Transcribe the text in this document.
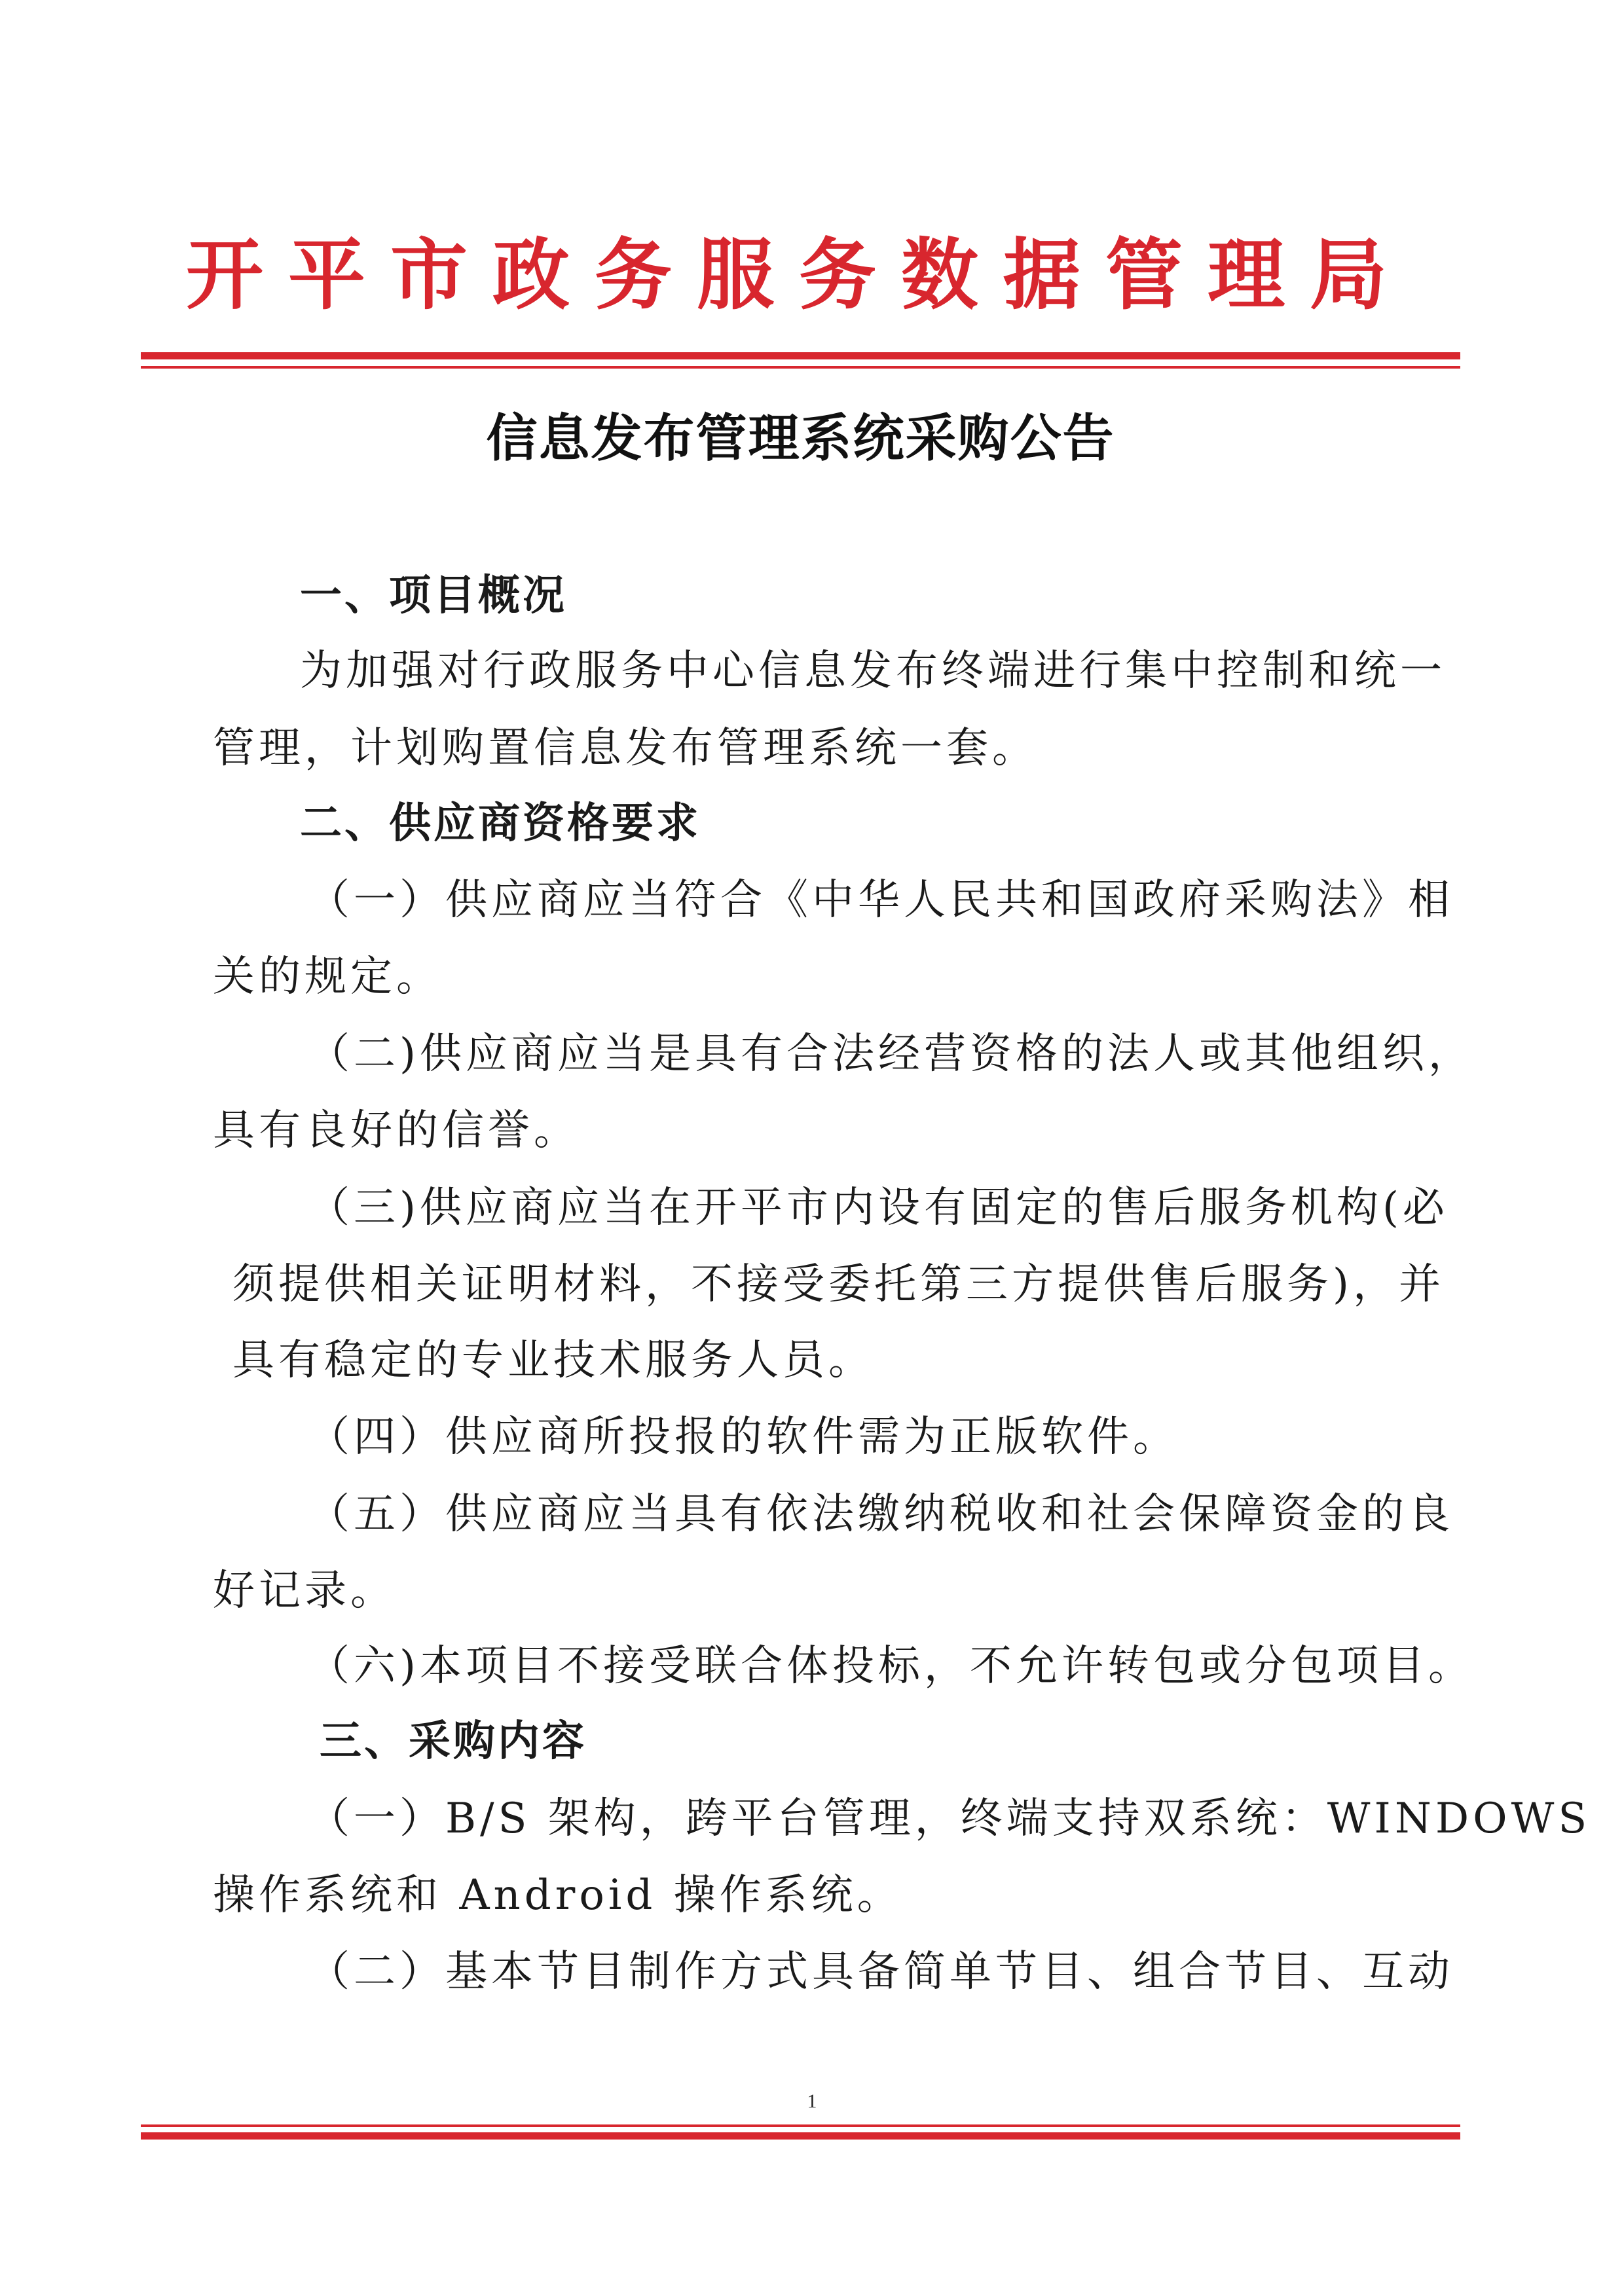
开平市政务服务数据管理局
信息发布管理系统采购公告
一、项目概况
为加强对行政服务中心信息发布终端进行集中控制和统一
管理，计划购置信息发布管理系统一套。
二、供应商资格要求
（一）供应商应当符合《中华人民共和国政府采购法》相
关的规定。
（二)供应商应当是具有合法经营资格的法人或其他组织，
具有良好的信誉。
（三)供应商应当在开平市内设有固定的售后服务机构(必
须提供相关证明材料，不接受委托第三方提供售后服务)，并
具有稳定的专业技术服务人员。
（四）供应商所投报的软件需为正版软件。
（五）供应商应当具有依法缴纳税收和社会保障资金的良
好记录。
（六)本项目不接受联合体投标，不允许转包或分包项目。
三、采购内容
（一）B/S 架构，跨平台管理，终端支持双系统：WINDOWS
操作系统和 Android 操作系统。
（二）基本节目制作方式具备简单节目、组合节目、互动
1
